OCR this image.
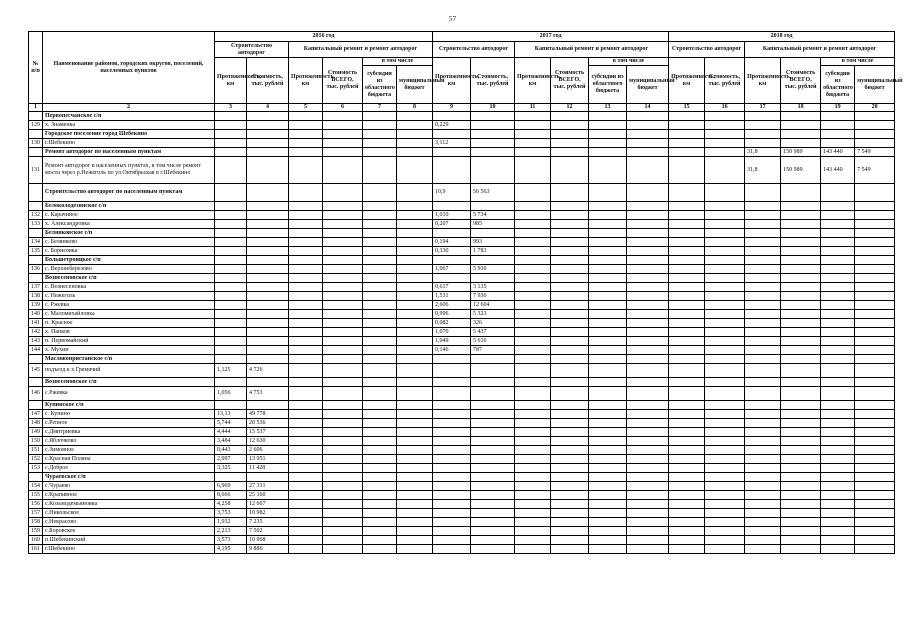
57
№ п/п	Наименование районов, городских округов, поселений, населенных пунктов	2016 год						2017 год						2018 год					
		Строительство автодорог		Капитальный ремонт и ремонт автодорог				Строительство автодорог		Капитальный ремонт и ремонт автодорог				Строительство автодорог		Капитальный ремонт и ремонт автодорог			
		Протяженность, км	Стоимость, тыс. рублей	Протяженность, км	Стоимость ВСЕГО, тыс. рублей	в том числе		Протяженность, км	Стоимость, тыс. рублей	Протяженность, км	Стоимость ВСЕГО, тыс. рублей	в том числе		Протяженность, км	Стоимость, тыс. рублей	Протяженность, км	Стоимость ВСЕГО, тыс. рублей	в том числе	
						субсидии из областного бюджета	муниципальный бюджет					субсидии из областного бюджета	муниципальный бюджет					субсидии из областного бюджета	муниципальный бюджет
1	2	3	4	5	6	7	8	9	10	11	12	13	14	15	16	17	18	19	20
	Первопесчанское с/п																		
129	х. Знаменка							0,229											
	Городское поселение город Шебекино																		
130	г.Шебекино							3,112											
	Ремонт автодорог по населенным пунктам															31,8	150 989	143 440	7 549
131	Ремонт автодорог в населенных пунктах, в том числе ремонт моста через р.Нежеголь по ул.Октябрьская в г.Шебекино															31,8	150 989	143 440	7 549
	Строительство автодорог по населенным пунктам							10,9	56 563										
	Белоколодезянское с/п																		
132	с. Карачиное							1,010	5 734										
133	х. Александровка							0,207	985										
	Белянковское с/п																		
134	с. Белянково							0,194	993										
135	с. Борисовка							0,330	1 783										
	Большетроицкое с/п																		
136	с. Верхнеберезово							1,067	5 910										
	Вознесеновское с/п																		
137	с. Вознесеновка							0,617	3 135										
138	с. Нежеголь							1,531	7 930										
139	с. Ржевка							2,606	12 604										
140	с. Маломихайловка							0,996	5 323										
141	п. Красное							0,082	326										
142	х. Панков							1,070	5 437										
143	п. Первомайский							1,049	5 616										
144	х. Мухин							0,146	787										
	Масловопристанское с/п																		
145	подъезд к х.Гремячий	1,125	4 726																
	Вознесеновское с/п																		
146	с.Ржевка	1,056	4 753																
	Купинское с/п																		
147	с. Купино	13,13	49 778																
148	с.Репное	5,744	20 536																
149	с.Дмитриевка	4,444	15 537																
150	с.Яблочково	3,484	12 630																
151	с.Зимовное	0,443	2 606																
152	с.Красная Поляна	2,997	13 951																
153	с.Доброе	3,325	11 428																
	Чураевское с/п																		
154	с.Чураево	6,969	27 331																
155	с.Крапивное	8,666	25 160																
156	с.Козьмодемьяновка	4,258	12 607																
157	с.Никольское	3,753	10 982																
158	с.Некрасово	1,932	7 235																
159	с.Боровское	2,213	7 502																
160	п.Шебекинский	3,573	10 968																
161	г.Шебекино	4,195	9 886																
